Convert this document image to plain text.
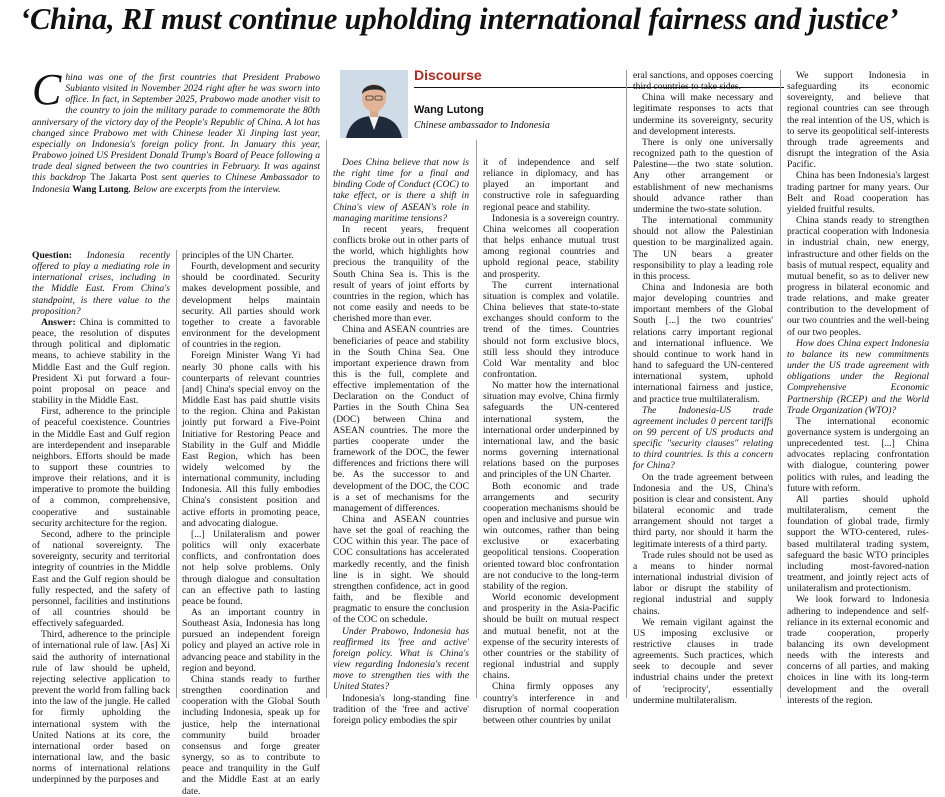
‘China, RI must continue upholding international fairness and justice’
China was one of the first countries that President Prabowo Subianto visited in November 2024 right after he was sworn into office. In fact, in September 2025, Prabowo made another visit to the country to join the military parade to commemorate the 80th anniversary of the victory day of the People's Republic of China. A lot has changed since Prabowo met with Chinese leader Xi Jinping last year, especially on Indonesia's foreign policy front. In January this year, Prabowo joined US President Donald Trump's Board of Peace following a trade deal signed between the two countries in February. It was against this backdrop The Jakarta Post sent queries to Chinese Ambassador to Indonesia Wang Lutong. Below are excerpts from the interview.
Discourse
Wang Lutong
Chinese ambassador to Indonesia

Question: Indonesia recently offered to play a mediating role in international crises, including in the Middle East. From China's standpoint, is there value to the proposition?

Answer: China is committed to peace, the resolution of disputes through political and diplomatic means, to achieve stability in the Middle East and the Gulf region. President Xi put forward a four-point proposal on peace and stability in the Middle East.

First, adherence to the principle of peaceful coexistence. Countries in the Middle East and Gulf region are interdependent and inseparable neighbors. Efforts should be made to support these countries to improve their relations, and it is imperative to promote the building of a common, comprehensive, cooperative and sustainable security architecture for the region.

Second, adhere to the principle of national sovereignty. The sovereignty, security and territorial integrity of countries in the Middle East and the Gulf region should be fully respected, and the safety of personnel, facilities and institutions of all countries should be effectively safeguarded.

Third, adherence to the principle of international rule of law. [As] Xi said the authority of international rule of law should be upheld, rejecting selective application to prevent the world from falling back into the law of the jungle. He called for firmly upholding the international system with the United Nations at its core, the international order based on international law, and the basic norms of international relations underpinned by the purposes and

principles of the UN Charter.

Fourth, development and security should be coordinated. Security makes development possible, and development helps maintain security. All parties should work together to create a favorable environment for the development of countries in the region.

Foreign Minister Wang Yi had nearly 30 phone calls with his counterparts of relevant countries [and] China's special envoy on the Middle East has paid shuttle visits to the region. China and Pakistan jointly put forward a Five-Point Initiative for Restoring Peace and Stability in the Gulf and Middle East Region, which has been widely welcomed by the international community, including Indonesia. All this fully embodies China's consistent position and active efforts in promoting peace, and advocating dialogue.

[...] Unilateralism and power politics will only exacerbate conflicts, and confrontation does not help solve problems. Only through dialogue and consultation can an effective path to lasting peace be found.

As an important country in Southeast Asia, Indonesia has long pursued an independent foreign policy and played an active role in advancing peace and stability in the region and beyond.

China stands ready to further strengthen coordination and cooperation with the Global South including Indonesia, speak up for justice, help the international community build broader consensus and forge greater synergy, so as to contribute to peace and tranquility in the Gulf and the Middle East at an early date.

Does China believe that now is the right time for a final and binding Code of Conduct (COC) to take effect, or is there a shift in China's view of ASEAN's role in managing maritime tensions?

In recent years, frequent conflicts broke out in other parts of the world, which highlights how precious the tranquility of the South China Sea is. This is the result of years of joint efforts by countries in the region, which has not come easily and needs to be cherished more than ever.

China and ASEAN countries are beneficiaries of peace and stability in the South China Sea. One important experience drawn from this is the full, complete and effective implementation of the Declaration on the Conduct of Parties in the South China Sea (DOC) between China and ASEAN countries. The more the parties cooperate under the framework of the DOC, the fewer differences and frictions there will be. As the successor to and development of the DOC, the COC is a set of mechanisms for the management of differences.

China and ASEAN countries have set the goal of reaching the COC within this year. The pace of COC consultations has accelerated markedly recently, and the finish line is in sight. We should strengthen confidence, act in good faith, and be flexible and pragmatic to ensure the conclusion of the COC on schedule.

Under Prabowo, Indonesia has reaffirmed its 'free and active' foreign policy. What is China's view regarding Indonesia's recent move to strengthen ties with the United States?

Indonesia's long-standing fine tradition of the 'free and active' foreign policy embodies the spir

it of independence and self reliance in diplomacy, and has played an important and constructive role in safeguarding regional peace and stability.

Indonesia is a sovereign country. China welcomes all cooperation that helps enhance mutual trust among regional countries and uphold regional peace, stability and prosperity.

The current international situation is complex and volatile. China believes that state-to-state exchanges should conform to the trend of the times. Countries should not form exclusive blocs, still less should they introduce Cold War mentality and bloc confrontation.

No matter how the international situation may evolve, China firmly safeguards the UN-centered international system, the international order underpinned by international law, and the basic norms governing international relations based on the purposes and principles of the UN Charter.

Both economic and trade arrangements and security cooperation mechanisms should be open and inclusive and pursue win win outcomes, rather than being exclusive or exacerbating geopolitical tensions. Cooperation oriented toward bloc confrontation are not conducive to the long-term stability of the region.

World economic development and prosperity in the Asia-Pacific should be built on mutual respect and mutual benefit, not at the expense of the security interests of other countries or the stability of regional industrial and supply chains.

China firmly opposes any country's interference in and disruption of normal cooperation between other countries by unilat

eral sanctions, and opposes coercing third countries to take sides.

China will make necessary and legitimate responses to acts that undermine its sovereignty, security and development interests.

There is only one universally recognized path to the question of Palestine—the two state solution. Any other arrangement or establishment of new mechanisms should advance rather than undermine the two-state solution.

The international community should not allow the Palestinian question to be marginalized again. The UN bears a greater responsibility to play a leading role in this process.

China and Indonesia are both major developing countries and important members of the Global South [...] the two countries' relations carry important regional and international influence. We should continue to work hand in hand to safeguard the UN-centered international system, uphold international fairness and justice, and practice true multilateralism.

The Indonesia-US trade agreement includes 0 percent tariffs on 99 percent of US products and specific "security clauses" relating to third countries. Is this a concern for China?

On the trade agreement between Indonesia and the US, China's position is clear and consistent. Any bilateral economic and trade arrangement should not target a third party, nor should it harm the legitimate interests of a third party.

Trade rules should not be used as a means to hinder normal international industrial division of labor or disrupt the stability of regional industrial and supply chains.

We remain vigilant against the US imposing exclusive or restrictive clauses in trade agreements. Such practices, which seek to decouple and sever industrial chains under the pretext of 'reciprocity', essentially undermine multilateralism.

We support Indonesia in safeguarding its economic sovereignty, and believe that regional countries can see through the real intention of the US, which is to serve its geopolitical self-interests through trade agreements and disrupt the integration of the Asia Pacific.

China has been Indonesia's largest trading partner for many years. Our Belt and Road cooperation has yielded fruitful results.

China stands ready to strengthen practical cooperation with Indonesia in industrial chain, new energy, infrastructure and other fields on the basis of mutual respect, equality and mutual benefit, so as to deliver new progress in bilateral economic and trade relations, and make greater contribution to the development of our two countries and the well-being of our two peoples.

How does China expect Indonesia to balance its new commitments under the US trade agreement with obligations under the Regional Comprehensive Economic Partnership (RCEP) and the World Trade Organization (WTO)?

The international economic governance system is undergoing an unprecedented test. [...] China advocates replacing confrontation with dialogue, countering power politics with rules, and leading the future with reform.

All parties should uphold multilateralism, cement the foundation of global trade, firmly support the WTO-centered, rules-based multilateral trading system, safeguard the basic WTO principles including most-favored-nation treatment, and jointly reject acts of unilateralism and protectionism.

We look forward to Indonesia adhering to independence and self-reliance in its external economic and trade cooperation, properly balancing its own development needs with the interests and concerns of all parties, and making choices in line with its long-term development and the overall interests of the region.
